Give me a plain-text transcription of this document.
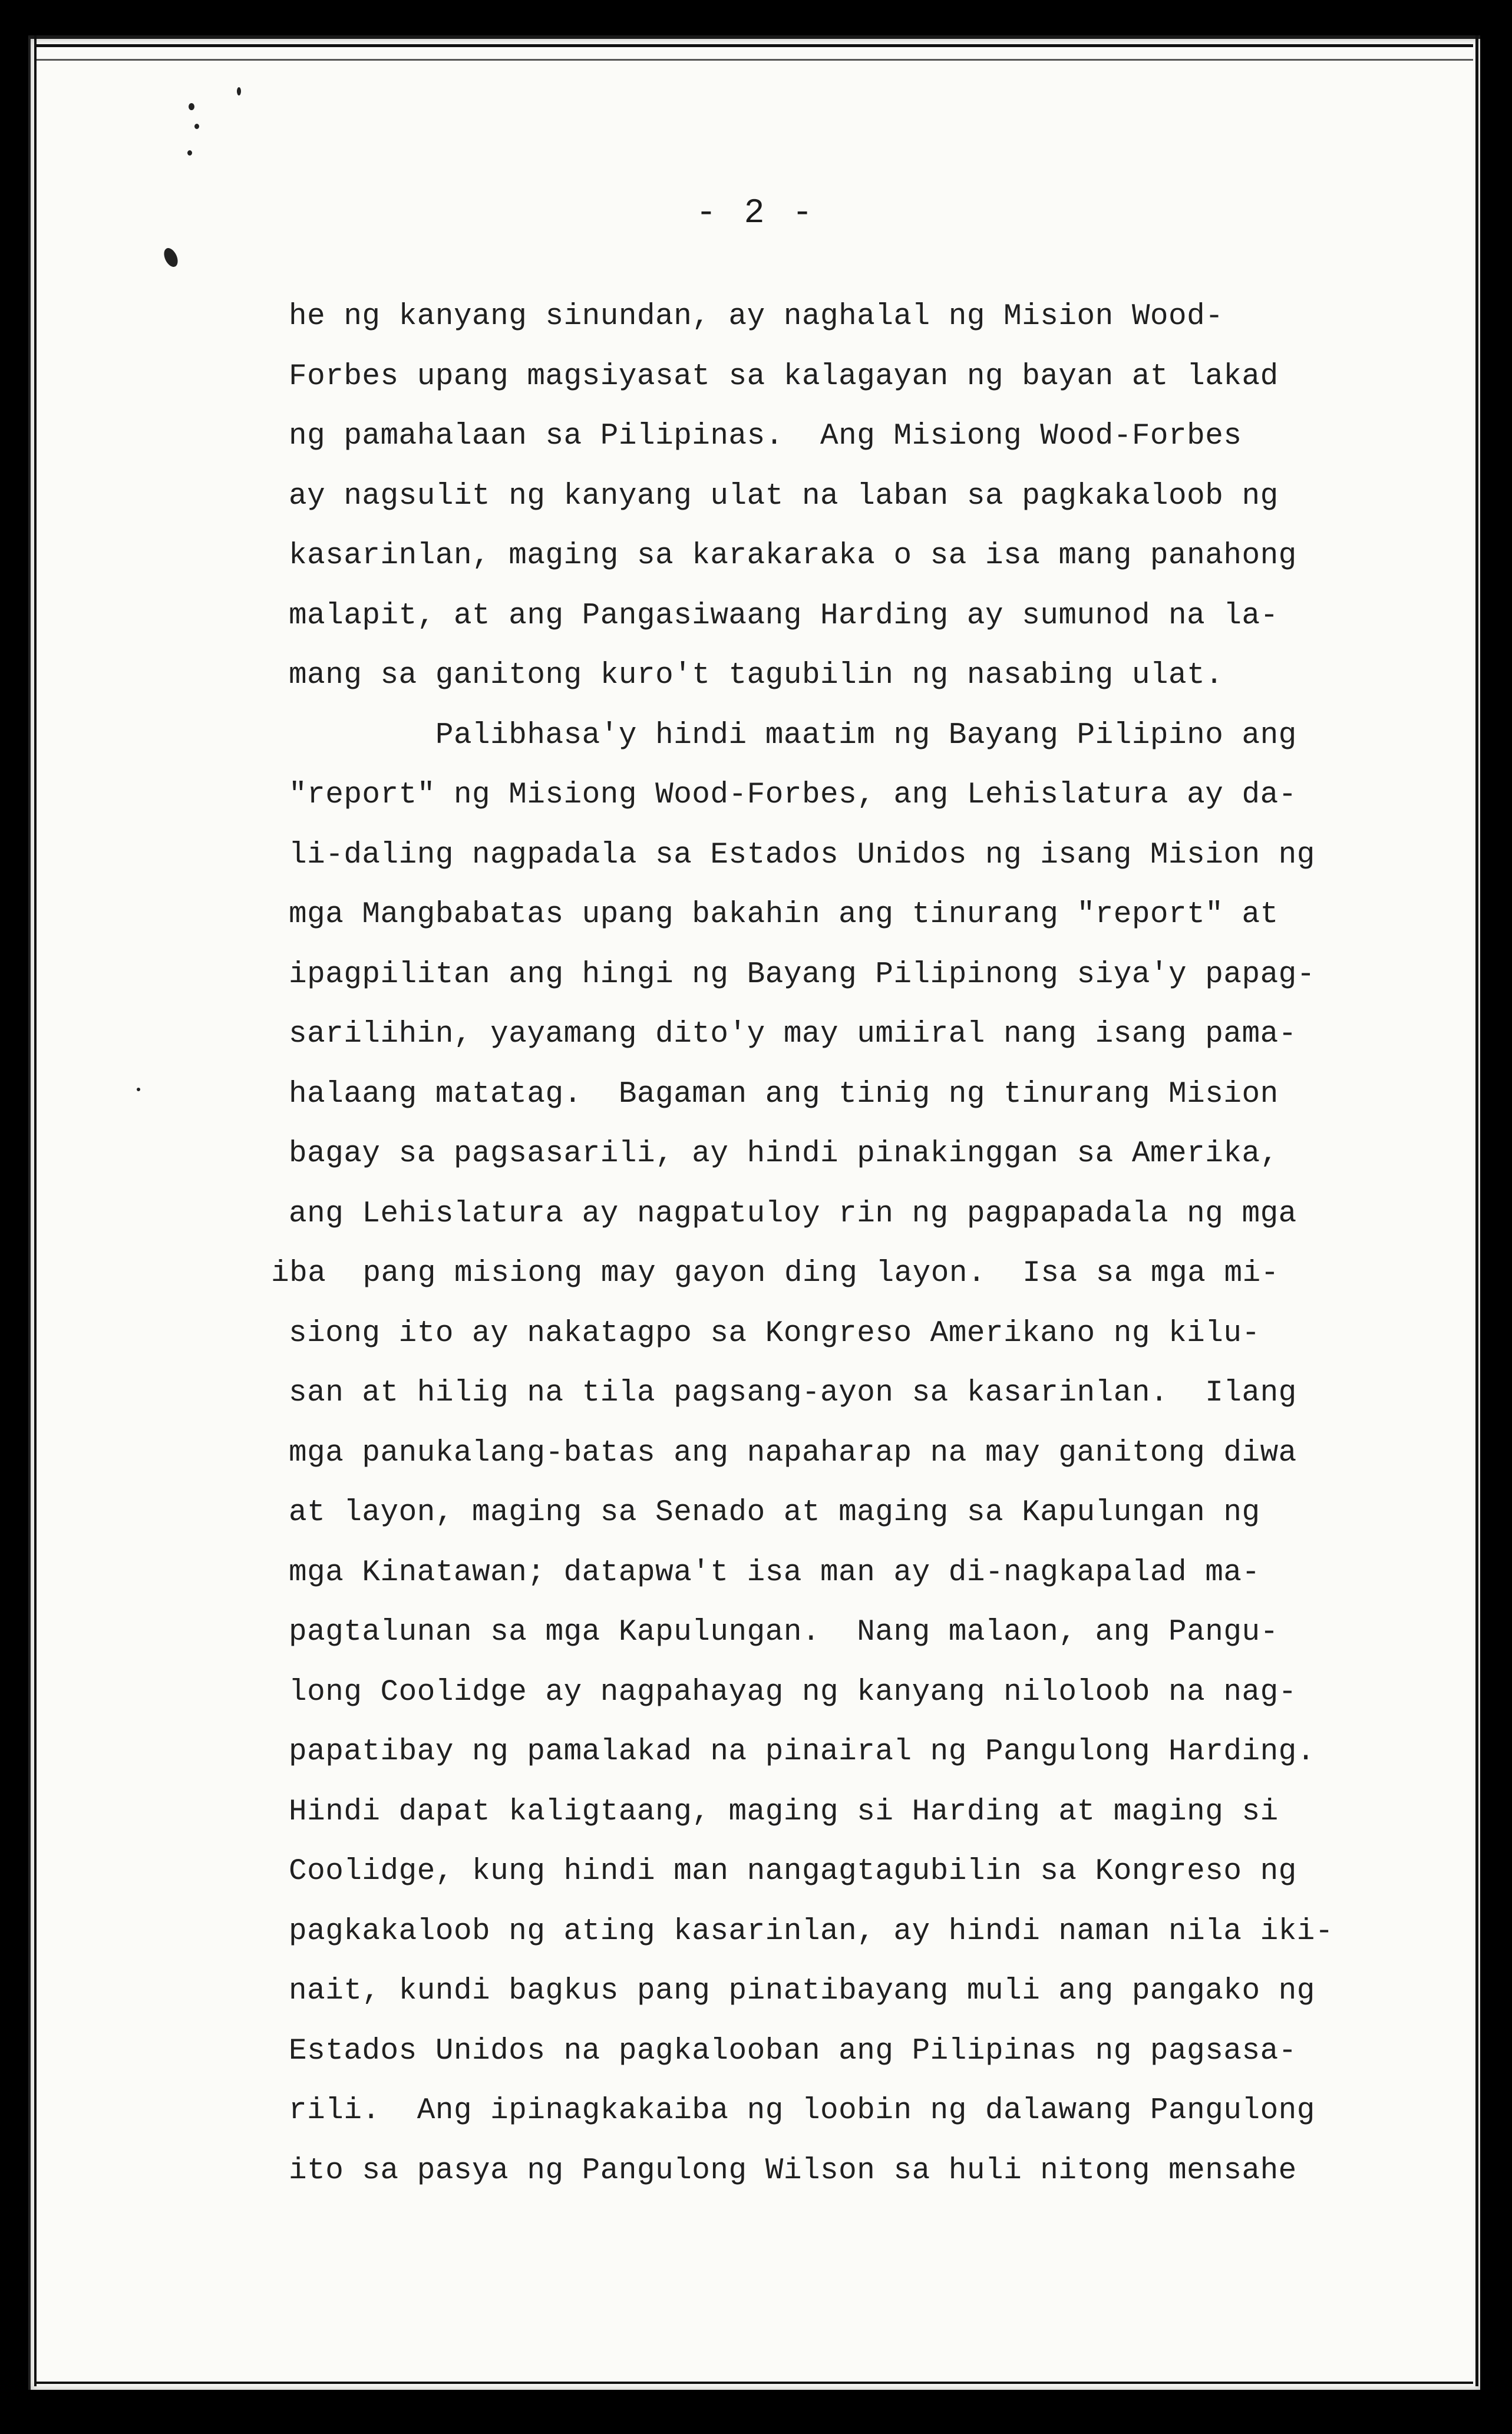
- 2 -
he ng kanyang sinundan, ay naghalal ng Mision Wood-
Forbes upang magsiyasat sa kalagayan ng bayan at lakad
ng pamahalaan sa Pilipinas.  Ang Misiong Wood-Forbes
ay nagsulit ng kanyang ulat na laban sa pagkakaloob ng
kasarinlan, maging sa karakaraka o sa isa mang panahong
malapit, at ang Pangasiwaang Harding ay sumunod na la-
mang sa ganitong kuro't tagubilin ng nasabing ulat.
Palibhasa'y hindi maatim ng Bayang Pilipino ang
"report" ng Misiong Wood-Forbes, ang Lehislatura ay da-
li-daling nagpadala sa Estados Unidos ng isang Mision ng
mga Mangbabatas upang bakahin ang tinurang "report" at
ipagpilitan ang hingi ng Bayang Pilipinong siya'y papag-
sarilihin, yayamang dito'y may umiiral nang isang pama-
halaang matatag.  Bagaman ang tinig ng tinurang Mision
bagay sa pagsasarili, ay hindi pinakinggan sa Amerika,
ang Lehislatura ay nagpatuloy rin ng pagpapadala ng mga
iba  pang misiong may gayon ding layon.  Isa sa mga mi-
siong ito ay nakatagpo sa Kongreso Amerikano ng kilu-
san at hilig na tila pagsang-ayon sa kasarinlan.  Ilang
mga panukalang-batas ang napaharap na may ganitong diwa
at layon, maging sa Senado at maging sa Kapulungan ng
mga Kinatawan; datapwa't isa man ay di-nagkapalad ma-
pagtalunan sa mga Kapulungan.  Nang malaon, ang Pangu-
long Coolidge ay nagpahayag ng kanyang niloloob na nag-
papatibay ng pamalakad na pinairal ng Pangulong Harding.
Hindi dapat kaligtaang, maging si Harding at maging si
Coolidge, kung hindi man nangagtagubilin sa Kongreso ng
pagkakaloob ng ating kasarinlan, ay hindi naman nila iki-
nait, kundi bagkus pang pinatibayang muli ang pangako ng
Estados Unidos na pagkalooban ang Pilipinas ng pagsasa-
rili.  Ang ipinagkakaiba ng loobin ng dalawang Pangulong
ito sa pasya ng Pangulong Wilson sa huli nitong mensahe
